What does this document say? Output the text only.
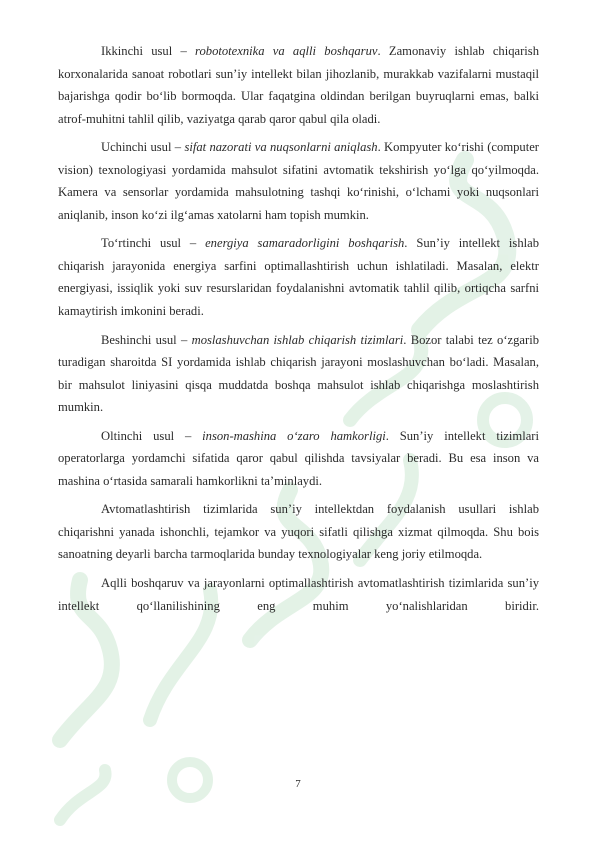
Ikkinchi usul – robototexnika va aqlli boshqaruv. Zamonaviy ishlab chiqarish korxonalarida sanoat robotlari sun’iy intellekt bilan jihozlanib, murakkab vazifalarni mustaqil bajarishga qodir bo‘lib bormoqda. Ular faqatgina oldindan berilgan buyruqlarni emas, balki atrof-muhitni tahlil qilib, vaziyatga qarab qaror qabul qila oladi.

Uchinchi usul – sifat nazorati va nuqsonlarni aniqlash. Kompyuter ko‘rishi (computer vision) texnologiyasi yordamida mahsulot sifatini avtomatik tekshirish yo‘lga qo‘yilmoqda. Kamera va sensorlar yordamida mahsulotning tashqi ko‘rinishi, o‘lchami yoki nuqsonlari aniqlanib, inson ko‘zi ilg‘amas xatolarni ham topish mumkin.

To‘rtinchi usul – energiya samaradorligini boshqarish. Sun’iy intellekt ishlab chiqarish jarayonida energiya sarfini optimallashtirish uchun ishlatiladi. Masalan, elektr energiyasi, issiqlik yoki suv resurslaridan foydalanishni avtomatik tahlil qilib, ortiqcha sarfni kamaytirish imkonini beradi.

Beshinchi usul – moslashuvchan ishlab chiqarish tizimlari. Bozor talabi tez o‘zgarib turadigan sharoitda SI yordamida ishlab chiqarish jarayoni moslashuvchan bo‘ladi. Masalan, bir mahsulot liniyasini qisqa muddatda boshqa mahsulot ishlab chiqarishga moslashtirish mumkin.

Oltinchi usul – inson-mashina o‘zaro hamkorligi. Sun’iy intellekt tizimlari operatorlarga yordamchi sifatida qaror qabul qilishda tavsiyalar beradi. Bu esa inson va mashina o‘rtasida samarali hamkorlikni ta’minlaydi.

Avtomatlashtirish tizimlarida sun’iy intellektdan foydalanish usullari ishlab chiqarishni yanada ishonchli, tejamkor va yuqori sifatli qilishga xizmat qilmoqda. Shu bois sanoatning deyarli barcha tarmoqlarida bunday texnologiyalar keng joriy etilmoqda.

Aqlli boshqaruv va jarayonlarni optimallashtirish avtomatlashtirish tizimlarida sun’iy intellekt qo‘llanilishining eng muhim yo‘nalishlaridan biridir.

7
